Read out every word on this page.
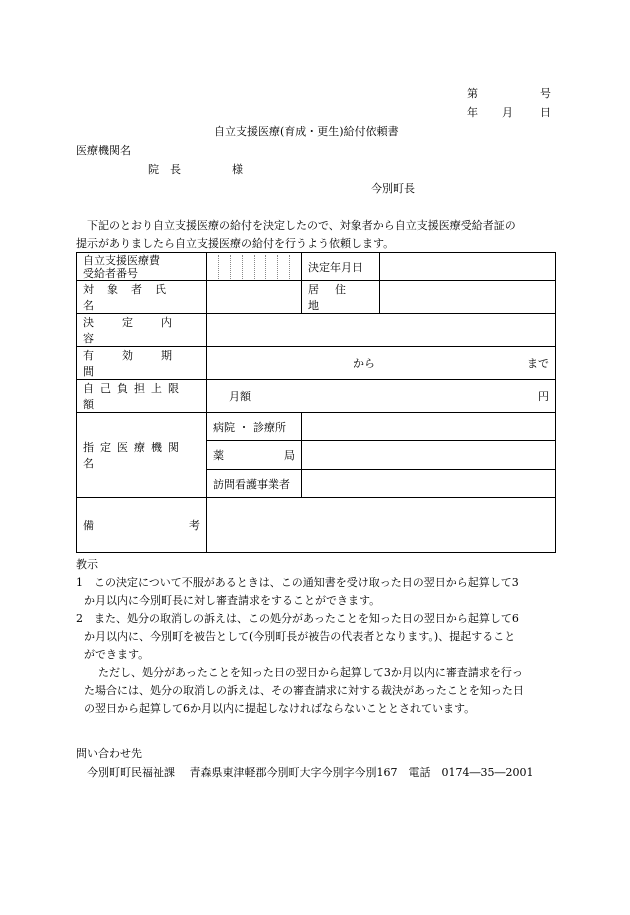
第	号
年 月 日
自立支援医療(育成・更生)給付依頼書
医療機関名
院　長	様
今別町長
　下記のとおり自立支援医療の給付を決定したので、対象者から自立支援医療受給者証の
提示がありましたら自立支援医療の給付を行うよう依頼します。
自立支援医療費
受給者番号		決定年月日	
対象者氏名		居住地	
決定内容			
有効期間	から まで		

自己負担上限額	月額 円		

指定医療機関名	病院 ・ 診療所		

	薬 局		

	訪問看護事業者		

備 考			

教示
1　この決定について不服があるときは、この通知書を受け取った日の翌日から起算して3
か月以内に今別町長に対し審査請求をすることができます。
2　また、処分の取消しの訴えは、この処分があったことを知った日の翌日から起算して6
か月以内に、今別町を被告として(今別町長が被告の代表者となります。)、提起すること
ができます。
　　ただし、処分があったことを知った日の翌日から起算して3か月以内に審査請求を行っ
た場合には、処分の取消しの訴えは、その審査請求に対する裁決があったことを知った日
の翌日から起算して6か月以内に提起しなければならないこととされています。
問い合わせ先
　今別町町民福祉課　 青森県東津軽郡今別町大字今別字今別167　電話　0174―35―2001
